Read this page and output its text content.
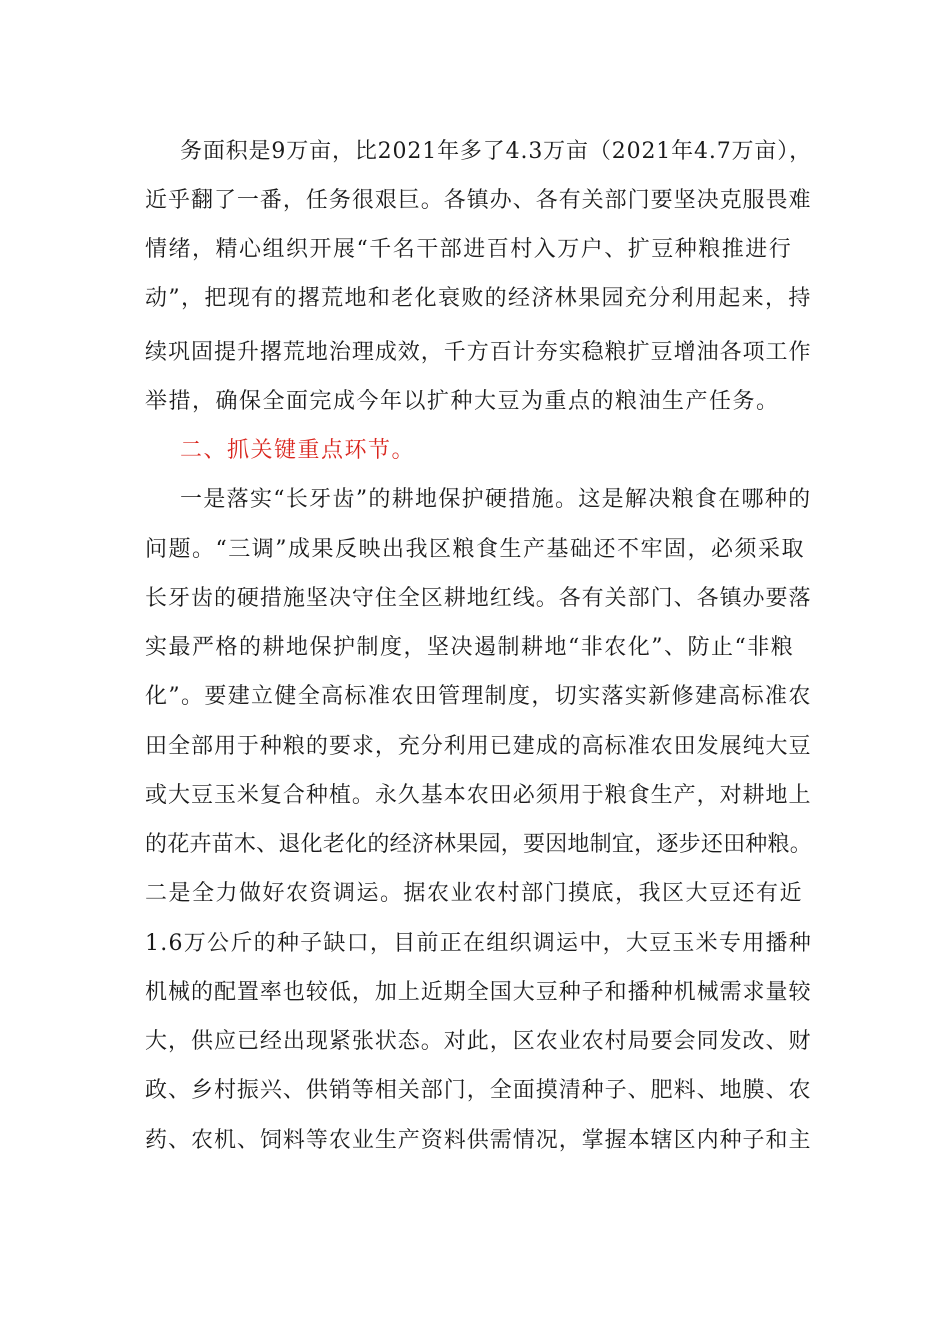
务面积是9万亩，比2021年多了4.3万亩（2021年4.7万亩），
近乎翻了一番，任务很艰巨。各镇办、各有关部门要坚决克服畏难
情绪，精心组织开展“千名干部进百村入万户、扩豆种粮推进行
动”，把现有的撂荒地和老化衰败的经济林果园充分利用起来，持
续巩固提升撂荒地治理成效，千方百计夯实稳粮扩豆增油各项工作
举措，确保全面完成今年以扩种大豆为重点的粮油生产任务。
二、抓关键重点环节。
一是落实“长牙齿”的耕地保护硬措施。这是解决粮食在哪种的
问题。“三调”成果反映出我区粮食生产基础还不牢固，必须采取
长牙齿的硬措施坚决守住全区耕地红线。各有关部门、各镇办要落
实最严格的耕地保护制度，坚决遏制耕地“非农化”、防止“非粮
化”。要建立健全高标准农田管理制度，切实落实新修建高标准农
田全部用于种粮的要求，充分利用已建成的高标准农田发展纯大豆
或大豆玉米复合种植。永久基本农田必须用于粮食生产，对耕地上
的花卉苗木、退化老化的经济林果园，要因地制宜，逐步还田种粮。
二是全力做好农资调运。据农业农村部门摸底，我区大豆还有近
1.6万公斤的种子缺口，目前正在组织调运中，大豆玉米专用播种
机械的配置率也较低，加上近期全国大豆种子和播种机械需求量较
大，供应已经出现紧张状态。对此，区农业农村局要会同发改、财
政、乡村振兴、供销等相关部门，全面摸清种子、肥料、地膜、农
药、农机、饲料等农业生产资料供需情况，掌握本辖区内种子和主
